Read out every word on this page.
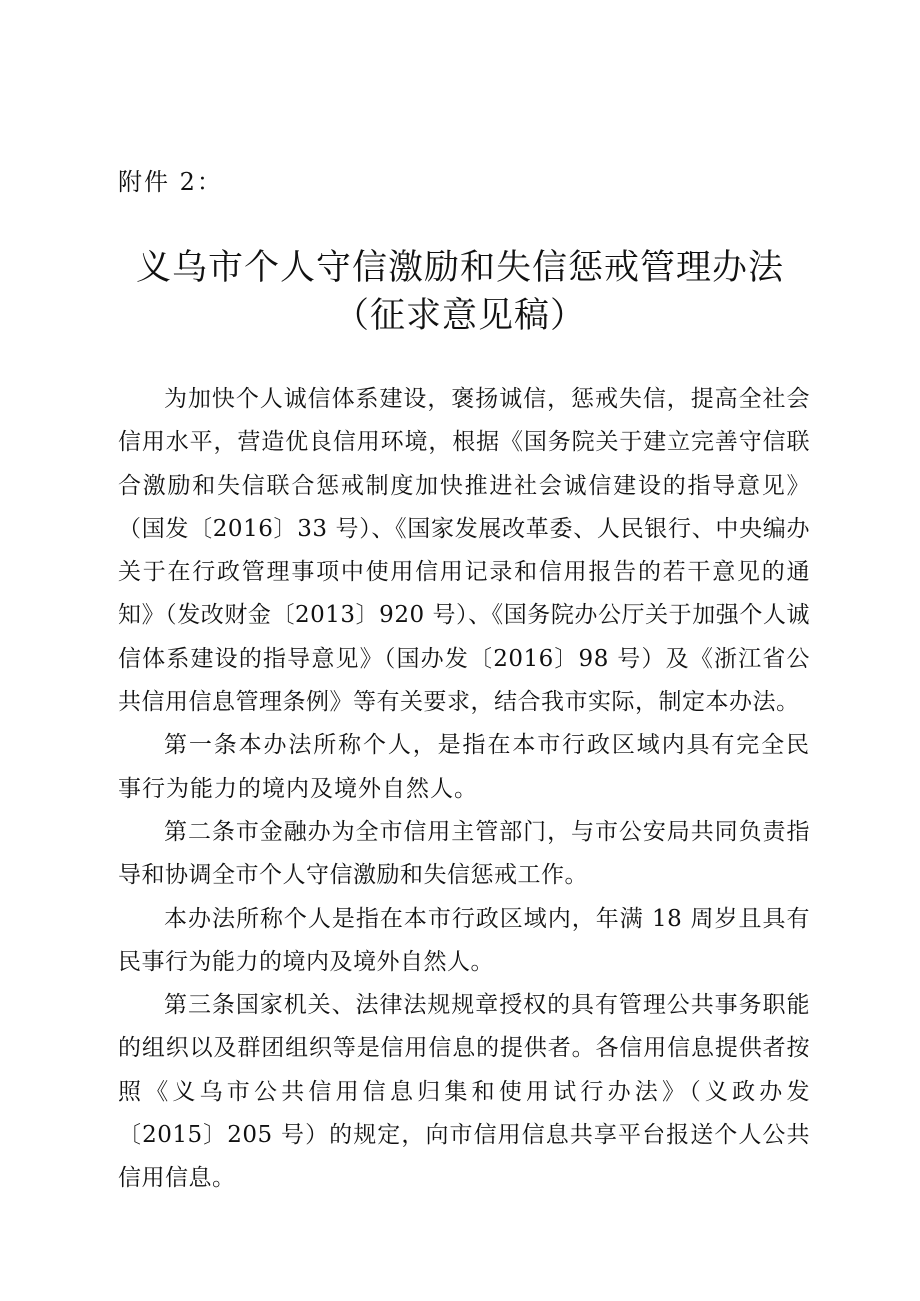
附件 2：
义乌市个人守信激励和失信惩戒管理办法
（征求意见稿）

为加快个人诚信体系建设，褒扬诚信，惩戒失信，提高全社会信用水平，营造优良信用环境，根据《国务院关于建立完善守信联合激励和失信联合惩戒制度加快推进社会诚信建设的指导意见》（国发〔2016〕33 号）、《国家发展改革委、人民银行、中央编办关于在行政管理事项中使用信用记录和信用报告的若干意见的通知》（发改财金〔2013〕920 号）、《国务院办公厅关于加强个人诚信体系建设的指导意见》（国办发〔2016〕98 号）及《浙江省公共信用信息管理条例》等有关要求，结合我市实际，制定本办法。

第一条本办法所称个人，是指在本市行政区域内具有完全民事行为能力的境内及境外自然人。

第二条市金融办为全市信用主管部门，与市公安局共同负责指导和协调全市个人守信激励和失信惩戒工作。

本办法所称个人是指在本市行政区域内，年满 18 周岁且具有民事行为能力的境内及境外自然人。

第三条国家机关、法律法规规章授权的具有管理公共事务职能的组织以及群团组织等是信用信息的提供者。各信用信息提供者按照《义乌市公共信用信息归集和使用试行办法》（义政办发〔2015〕205 号）的规定，向市信用信息共享平台报送个人公共信用信息。
